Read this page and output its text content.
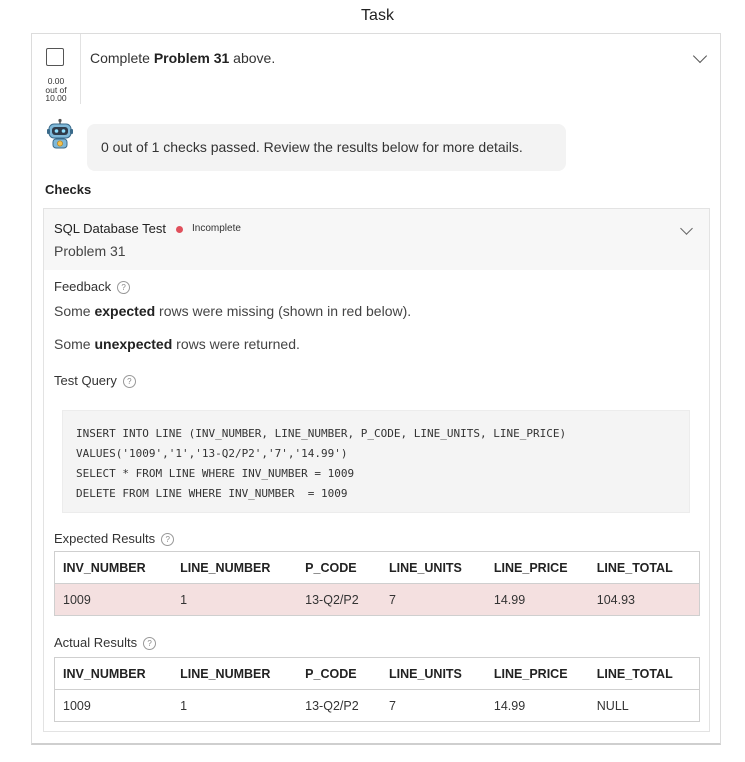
Task
0.00
out of
10.00
Complete Problem 31 above.
0 out of 1 checks passed. Review the results below for more details.
Checks
SQL Database Test	Incomplete
Problem 31
Feedback ?
Some expected rows were missing (shown in red below).
Some unexpected rows were returned.
Test Query ?
INSERT INTO LINE (INV_NUMBER, LINE_NUMBER, P_CODE, LINE_UNITS, LINE_PRICE)
VALUES('1009','1','13-Q2/P2','7','14.99')
SELECT * FROM LINE WHERE INV_NUMBER = 1009
DELETE FROM LINE WHERE INV_NUMBER  = 1009
Expected Results ?
INV_NUMBER	LINE_NUMBER	P_CODE	LINE_UNITS	LINE_PRICE	LINE_TOTAL
1009	1	13-Q2/P2	7	14.99	104.93
Actual Results ?
INV_NUMBER	LINE_NUMBER	P_CODE	LINE_UNITS	LINE_PRICE	LINE_TOTAL
1009	1	13-Q2/P2	7	14.99	NULL
